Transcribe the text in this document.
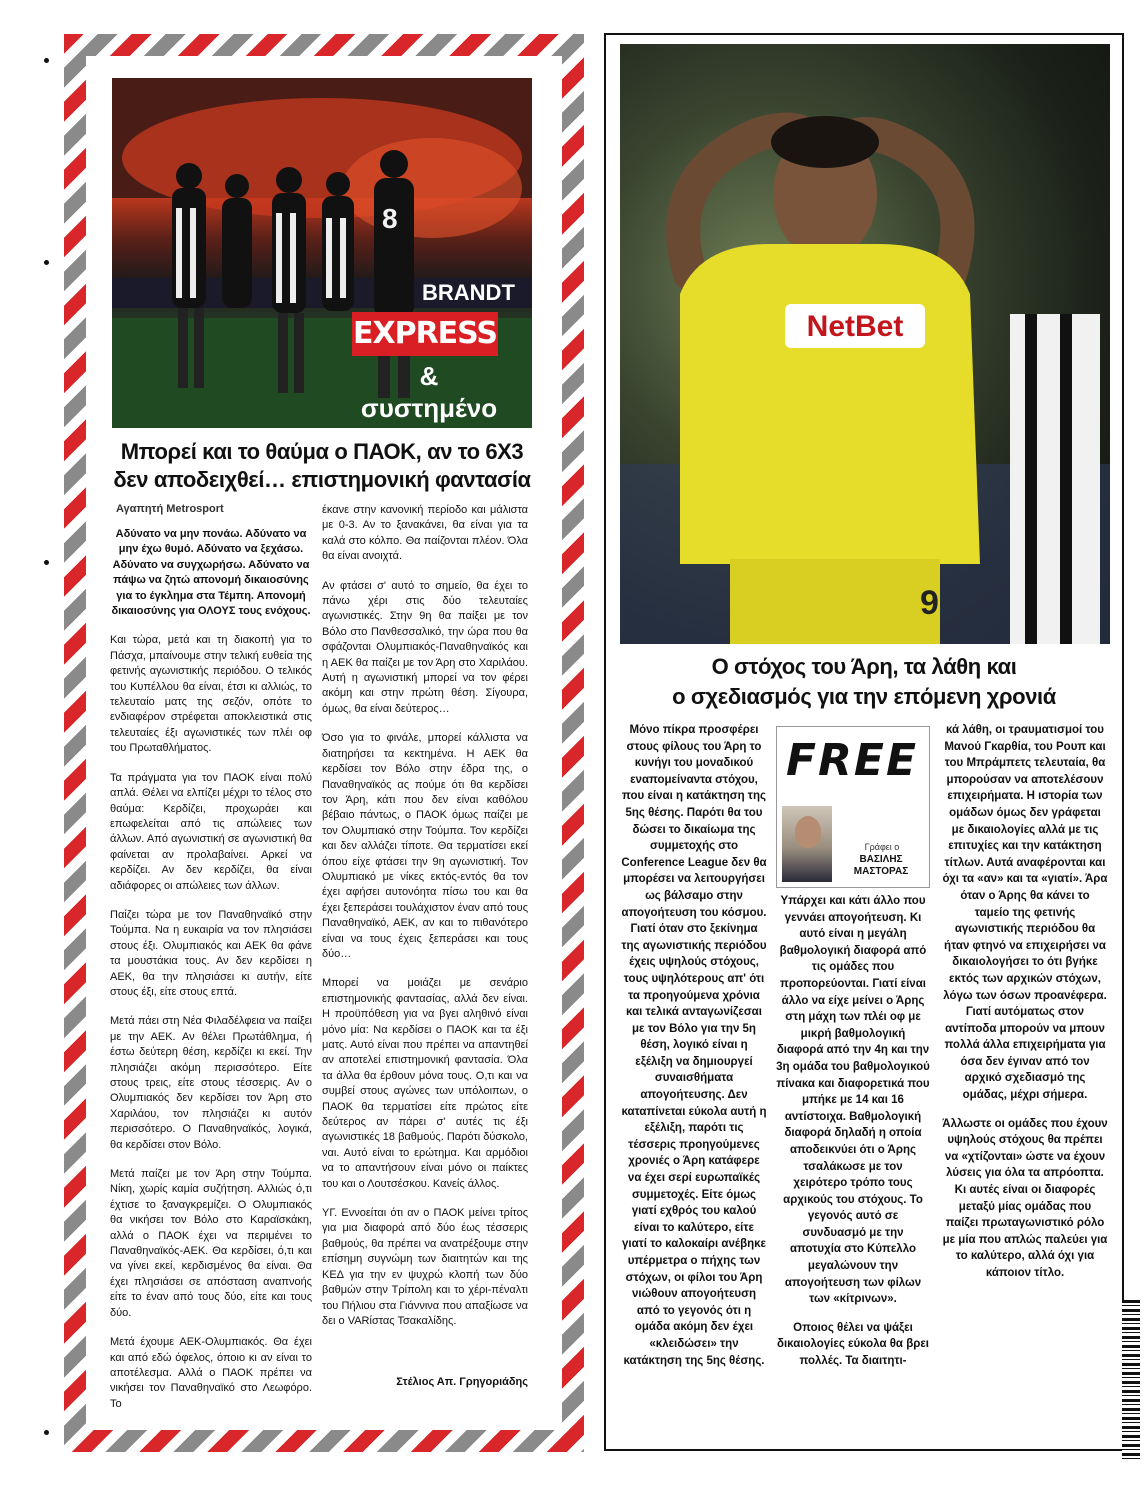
BRANDT
8
EXPRESS
& συστημένο
Μπορεί και το θαύμα ο ΠΑΟΚ, αν το 6Χ3
δεν αποδειχθεί… επιστημονική φαντασία
Αγαπητή Metrosport

Αδύνατο να μην πονάω. Αδύνατο να μην έχω θυμό. Αδύνατο να ξεχάσω. Αδύνατο να συγχωρήσω. Αδύνατο να πάψω να ζητώ απονομή δικαιοσύνης για το έγκλημα στα Τέμπη. Απονομή δικαιοσύνης για ΟΛΟΥΣ τους ενόχους.

Και τώρα, μετά και τη διακοπή για το Πάσχα, μπαίνουμε στην τελική ευθεία της φετινής αγωνιστικής περιόδου. Ο τελικός του Κυπέλλου θα είναι, έτσι κι αλλιώς, το τελευταίο ματς της σεζόν, οπότε το ενδιαφέρον στρέφεται αποκλειστικά στις τελευταίες έξι αγωνιστικές των πλέι οφ του Πρωταθλήματος.

Τα πράγματα για τον ΠΑΟΚ είναι πολύ απλά. Θέλει να ελπίζει μέχρι το τέλος στο θαύμα: Κερδίζει, προχωράει και επωφελείται από τις απώλειες των άλλων. Από αγωνιστική σε αγωνιστική θα φαίνεται αν προλαβαίνει. Αρκεί να κερδίζει. Αν δεν κερδίζει, θα είναι αδιάφορες οι απώλειες των άλλων.

Παίζει τώρα με τον Παναθηναϊκό στην Τούμπα. Να η ευκαιρία να τον πλησιάσει στους έξι. Ολυμπιακός και ΑΕΚ θα φάνε τα μουστάκια τους. Αν δεν κερδίσει η ΑΕΚ, θα την πλησιάσει κι αυτήν, είτε στους έξι, είτε στους επτά.

Μετά πάει στη Νέα Φιλαδέλφεια να παίξει με την ΑΕΚ. Αν θέλει Πρωτάθλημα, ή έστω δεύτερη θέση, κερδίζει κι εκεί. Την πλησιάζει ακόμη περισσότερο. Είτε στους τρεις, είτε στους τέσσερις. Αν ο Ολυμπιακός δεν κερδίσει τον Άρη στο Χαριλάου, τον πλησιάζει κι αυτόν περισσότερο. Ο Παναθηναϊκός, λογικά, θα κερδίσει στον Βόλο.

Μετά παίζει με τον Άρη στην Τούμπα. Νίκη, χωρίς καμία συζήτηση. Αλλιώς ό,τι έχτισε το ξαναγκρεμίζει. Ο Ολυμπιακός θα νικήσει τον Βόλο στο Καραϊσκάκη, αλλά ο ΠΑΟΚ έχει να περιμένει το Παναθηναϊκός-ΑΕΚ. Θα κερδίσει, ό,τι και να γίνει εκεί, κερδισμένος θα είναι. Θα έχει πλησιάσει σε απόσταση αναπνοής είτε το έναν από τους δύο, είτε και τους δύο.

Μετά έχουμε ΑΕΚ-Ολυμπιακός. Θα έχει και από εδώ όφελος, όποιο κι αν είναι το αποτέλεσμα. Αλλά ο ΠΑΟΚ πρέπει να νικήσει τον Παναθηναϊκό στο Λεωφόρο. Το

έκανε στην κανονική περίοδο και μάλιστα με 0-3. Αν το ξανακάνει, θα είναι για τα καλά στο κόλπο. Θα παίζονται πλέον. Όλα θα είναι ανοιχτά.

Αν φτάσει σ' αυτό το σημείο, θα έχει το πάνω χέρι στις δύο τελευταίες αγωνιστικές. Στην 9η θα παίξει με τον Βόλο στο Πανθεσσαλικό, την ώρα που θα σφάζονται Ολυμπιακός-Παναθηναϊκός και η ΑΕΚ θα παίζει με τον Άρη στο Χαριλάου. Αυτή η αγωνιστική μπορεί να τον φέρει ακόμη και στην πρώτη θέση. Σίγουρα, όμως, θα είναι δεύτερος…

Όσο για το φινάλε, μπορεί κάλλιστα να διατηρήσει τα κεκτημένα. Η ΑΕΚ θα κερδίσει τον Βόλο στην έδρα της, ο Παναθηναϊκός ας πούμε ότι θα κερδίσει τον Άρη, κάτι που δεν είναι καθόλου βέβαιο πάντως, ο ΠΑΟΚ όμως παίζει με τον Ολυμπιακό στην Τούμπα. Τον κερδίζει και δεν αλλάζει τίποτε. Θα τερματίσει εκεί όπου είχε φτάσει την 9η αγωνιστική. Τον Ολυμπιακό με νίκες εκτός-εντός θα τον έχει αφήσει αυτονόητα πίσω του και θα έχει ξεπεράσει τουλάχιστον έναν από τους Παναθηναϊκό, ΑΕΚ, αν και το πιθανότερο είναι να τους έχεις ξεπεράσει και τους δύο…

Μπορεί να μοιάζει με σενάριο επιστημονικής φαντασίας, αλλά δεν είναι. Η προϋπόθεση για να βγει αληθινό είναι μόνο μία: Να κερδίσει ο ΠΑΟΚ και τα έξι ματς. Αυτό είναι που πρέπει να απαντηθεί αν αποτελεί επιστημονική φαντασία. Όλα τα άλλα θα έρθουν μόνα τους. Ο,τι και να συμβεί στους αγώνες των υπόλοιπων, ο ΠΑΟΚ θα τερματίσει είτε πρώτος είτε δεύτερος αν πάρει σ' αυτές τις έξι αγωνιστικές 18 βαθμούς. Παρότι δύσκολο, ναι. Αυτό είναι το ερώτημα. Και αρμόδιοι να το απαντήσουν είναι μόνο οι παίκτες του και ο Λουτσέσκου. Κανείς άλλος.

ΥΓ. Εννοείται ότι αν ο ΠΑΟΚ μείνει τρίτος για μια διαφορά από δύο έως τέσσερις βαθμούς, θα πρέπει να ανατρέξουμε στην επίσημη συγνώμη των διαιτητών και της ΚΕΔ για την εν ψυχρώ κλοπή των δύο βαθμών στην Τρίπολη και το χέρι-πέναλτι του Πήλιου στα Γιάννινα που απαξίωσε να δει ο VARίστας Τσακαλίδης.

Στέλιος Απ. Γρηγοριάδης
NetBet
9
Ο στόχος του Άρη, τα λάθη και
ο σχεδιασμός για την επόμενη χρονιά
FREE
Γράφει ο
ΒΑΣΙΛΗΣ
ΜΑΣΤΟΡΑΣ

Μόνο πίκρα προσφέρει στους φίλους του Άρη το κυνήγι του μοναδικού εναπομείναντα στόχου, που είναι η κατάκτηση της 5ης θέσης. Παρότι θα του δώσει το δικαίωμα της συμμετοχής στο Conference League δεν θα μπορέσει να λειτουργήσει ως βάλσαμο στην απογοήτευση του κόσμου. Γιατί όταν στο ξεκίνημα της αγωνιστικής περιόδου έχεις υψηλούς στόχους, τους υψηλότερους απ' ότι τα προηγούμενα χρόνια και τελικά ανταγωνίζεσαι με τον Βόλο για την 5η θέση, λογικό είναι η εξέλιξη να δημιουργεί συναισθήματα απογοήτευσης. Δεν καταπίνεται εύκολα αυτή η εξέλιξη, παρότι τις τέσσερις προηγούμενες χρονιές ο Άρη κατάφερε να έχει σερί ευρωπαϊκές συμμετοχές. Είτε όμως γιατί εχθρός του καλού είναι το καλύτερο, είτε γιατί το καλοκαίρι ανέβηκε υπέρμετρα ο πήχης των στόχων, οι φίλοι του Άρη νιώθουν απογοήτευση από το γεγονός ότι η ομάδα ακόμη δεν έχει «κλειδώσει» την κατάκτηση της 5ης θέσης.

Υπάρχει και κάτι άλλο που γεννάει απογοήτευση. Κι αυτό είναι η μεγάλη βαθμολογική διαφορά από τις ομάδες που προπορεύονται. Γιατί είναι άλλο να είχε μείνει ο Άρης στη μάχη των πλέι οφ με μικρή βαθμολογική διαφορά από την 4η και την 3η ομάδα του βαθμολογικού πίνακα και διαφορετικά που μπήκε με 14 και 16 αντίστοιχα. Βαθμολογική διαφορά δηλαδή η οποία αποδεικνύει ότι ο Άρης τσαλάκωσε με τον χειρότερο τρόπο τους αρχικούς του στόχους. Το γεγονός αυτό σε συνδυασμό με την αποτυχία στο Κύπελλο μεγαλώνουν την απογοήτευση των φίλων των «κίτρινων».

Οποιος θέλει να ψάξει δικαιολογίες εύκολα θα βρει πολλές. Τα διαιτητι-

κά λάθη, οι τραυματισμοί του Μανού Γκαρθία, του Ρουπ και του Μπράμπετς τελευταία, θα μπορούσαν να αποτελέσουν επιχειρήματα. Η ιστορία των ομάδων όμως δεν γράφεται με δικαιολογίες αλλά με τις επιτυχίες και την κατάκτηση τίτλων. Αυτά αναφέρονται και όχι τα «αν» και τα «γιατί». Άρα όταν ο Άρης θα κάνει το ταμείο της φετινής αγωνιστικής περιόδου θα ήταν φτηνό να επιχειρήσει να δικαιολογήσει το ότι βγήκε εκτός των αρχικών στόχων, λόγω των όσων προανέφερα. Γιατί αυτόματως στον αντίποδα μπορούν να μπουν πολλά άλλα επιχειρήματα για όσα δεν έγιναν από τον αρχικό σχεδιασμό της ομάδας, μέχρι σήμερα.

Άλλωστε οι ομάδες που έχουν υψηλούς στόχους θα πρέπει να «χτίζονται» ώστε να έχουν λύσεις για όλα τα απρόοπτα. Κι αυτές είναι οι διαφορές μεταξύ μίας ομάδας που παίζει πρωταγωνιστικό ρόλο με μία που απλώς παλεύει για το καλύτερο, αλλά όχι για κάποιον τίτλο.
